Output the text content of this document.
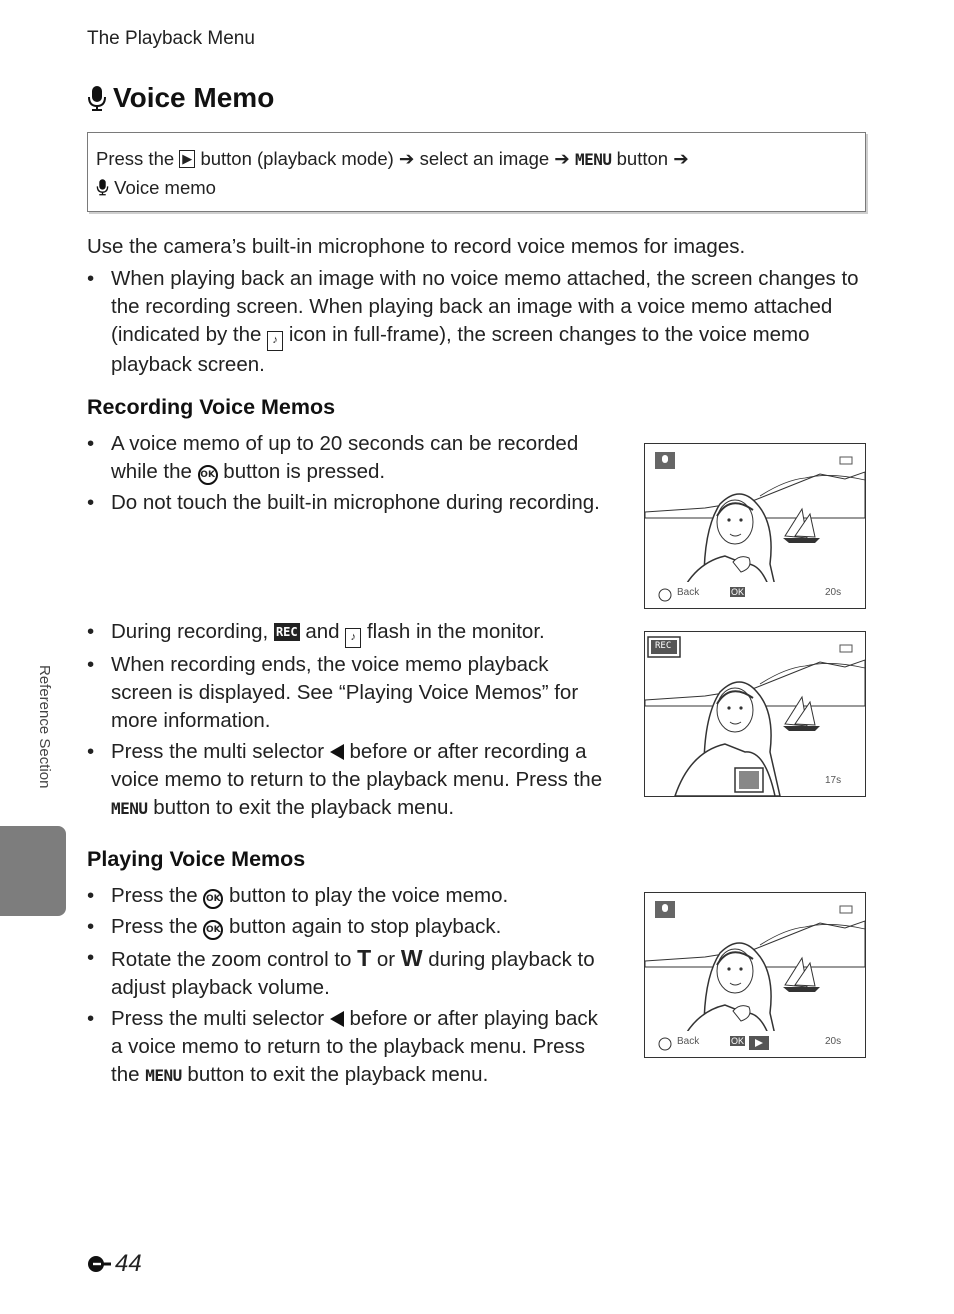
The Playback Menu
Voice Memo
Press the ▶ button (playback mode) ➔ select an image ➔ MENU button ➔
Voice memo
Use the camera’s built-in microphone to record voice memos for images.
• When playing back an image with no voice memo attached, the screen changes to the recording screen. When playing back an image with a voice memo attached (indicated by the ♪ icon in full-frame), the screen changes to the voice memo playback screen.
Recording Voice Memos
• A voice memo of up to 20 seconds can be recorded while the OK button is pressed.
• Do not touch the built-in microphone during recording.
• During recording, REC and ♪ flash in the monitor.
• When recording ends, the voice memo playback screen is displayed. See “Playing Voice Memos” for more information.
• Press the multi selector  before or after recording a voice memo to return to the playback menu. Press the MENU button to exit the playback menu.
Playing Voice Memos
• Press the OK button to play the voice memo.
• Press the OK button again to stop playback.
• Rotate the zoom control to T or W during playback to adjust playback volume.
• Press the multi selector  before or after playing back a voice memo to return to the playback menu. Press the MENU button to exit the playback menu.
Back	OK	20s
REC
17s
Back	OK	20s
Reference Section
44
